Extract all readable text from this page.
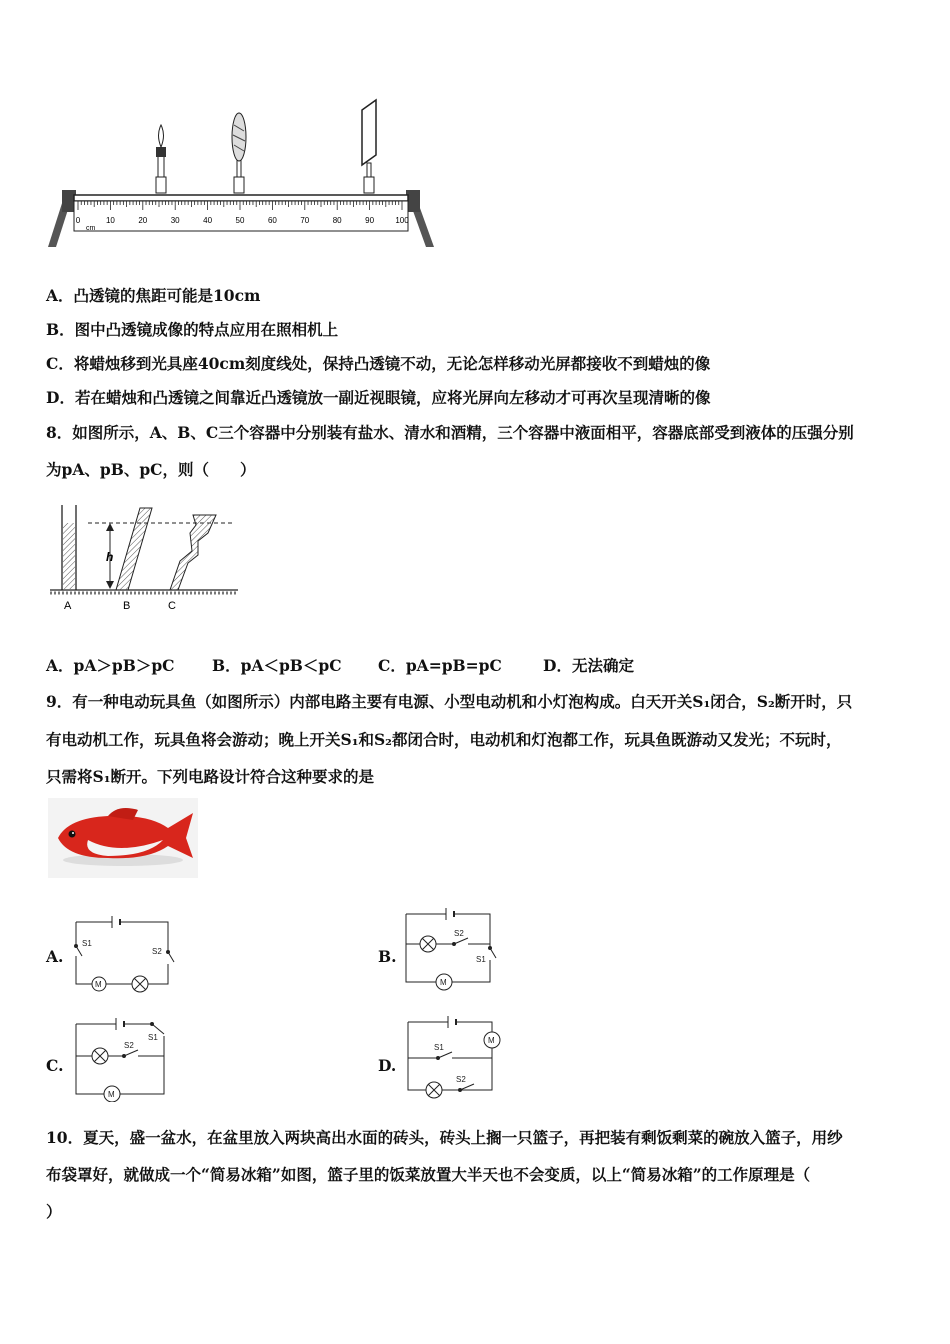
0	10	20	30	40	50	60	70	80	90	100
cm
A．凸透镜的焦距可能是10cm
B．图中凸透镜成像的特点应用在照相机上
C．将蜡烛移到光具座40cm刻度线处，保持凸透镜不动，无论怎样移动光屏都接收不到蜡烛的像
D．若在蜡烛和凸透镜之间靠近凸透镜放一副近视眼镜，应将光屏向左移动才可再次呈现清晰的像
8．如图所示，A、B、C三个容器中分别装有盐水、清水和酒精，三个容器中液面相平，容器底部受到液体的压强分别
为pA、pB、pC，则（　　）
h
A	B	C
A．pA＞pB＞pC B．pA＜pB＜pC C．pA=pB=pC	D．无法确定
9．有一种电动玩具鱼（如图所示）内部电路主要有电源、小型电动机和小灯泡构成。白天开关S₁闭合，S₂断开时，只
有电动机工作，玩具鱼将会游动；晚上开关S₁和S₂都闭合时，电动机和灯泡都工作，玩具鱼既游动又发光；不玩时，
只需将S₁断开。下列电路设计符合这种要求的是
A.	B.
C.	D.
M
S1
S2
M
S2
S1
M
S2
S1	M
S1
S2
10．夏天，盛一盆水，在盆里放入两块高出水面的砖头，砖头上搁一只篮子，再把装有剩饭剩菜的碗放入篮子，用纱
布袋罩好，就做成一个“简易冰箱”如图，篮子里的饭菜放置大半天也不会变质，以上“简易冰箱”的工作原理是（
）
